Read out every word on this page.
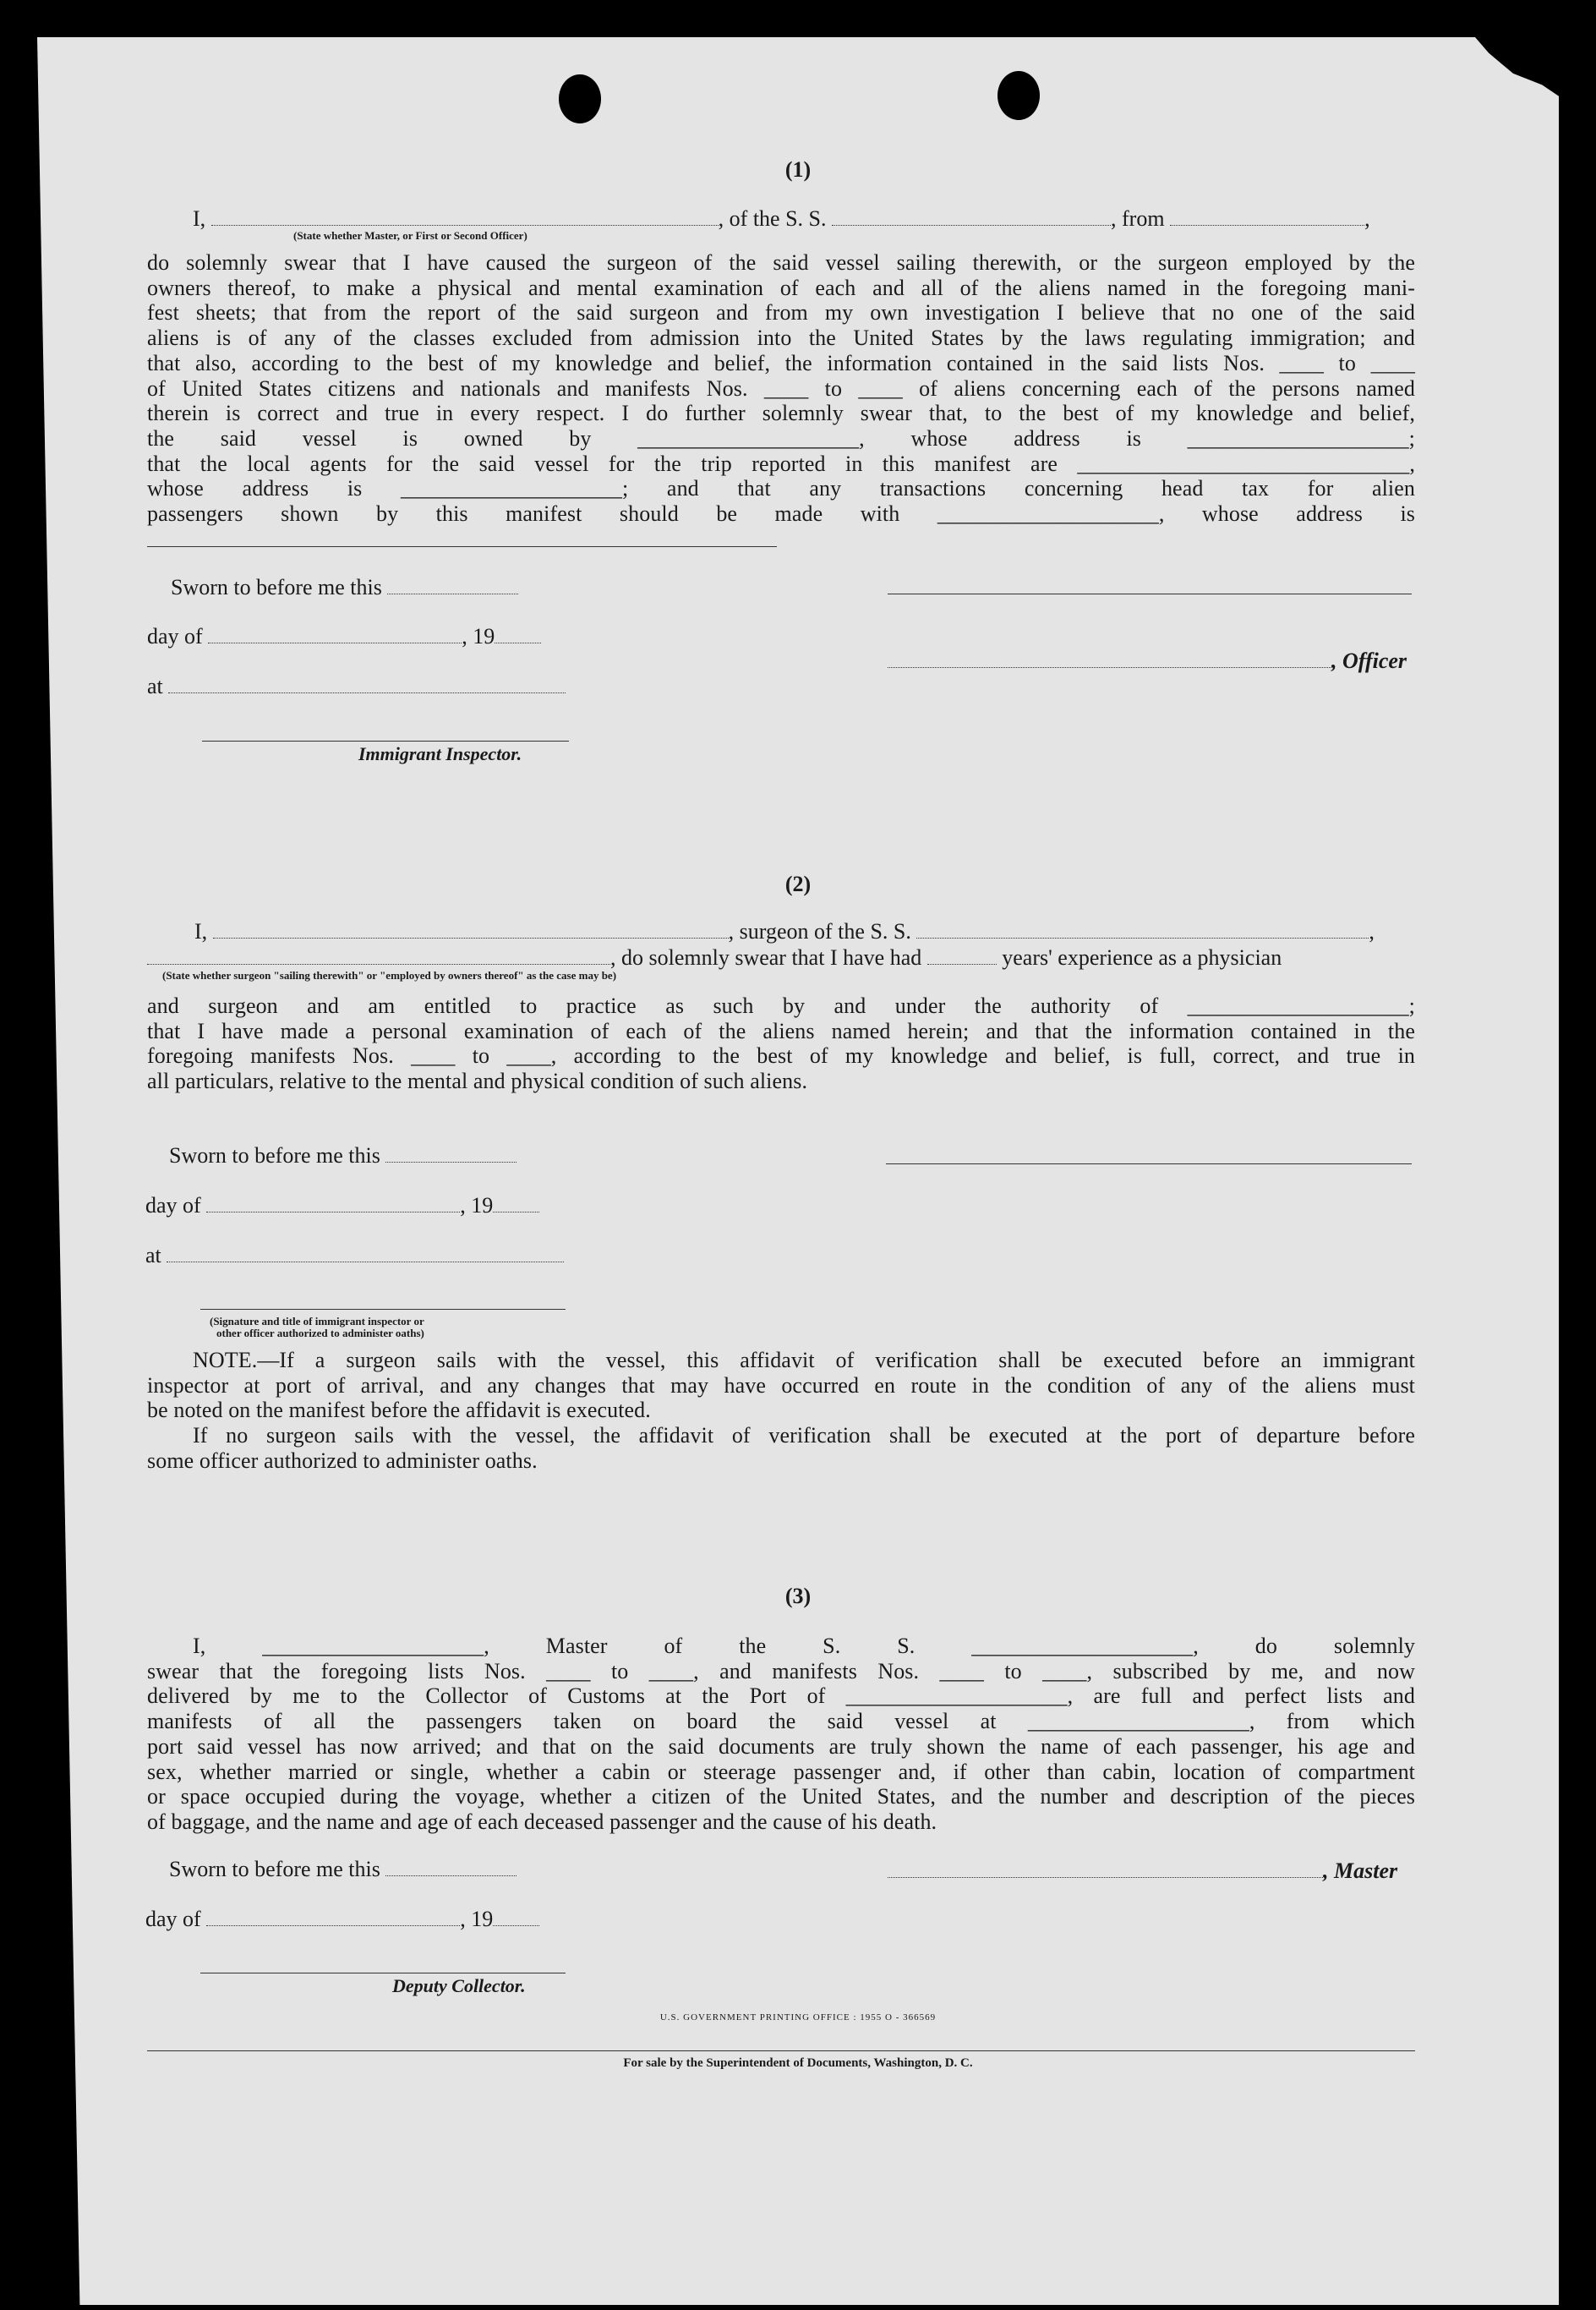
(1)
I,	, of the S. S.	, from	,
(State whether Master, or First or Second Officer)
do solemnly swear that I have caused the surgeon of the said vessel sailing therewith, or the surgeon employed by the
owners thereof, to make a physical and mental examination of each and all of the aliens named in the foregoing mani-
fest sheets; that from the report of the said surgeon and from my own investigation I believe that no one of the said
aliens is of any of the classes excluded from admission into the United States by the laws regulating immigration; and
that also, according to the best of my knowledge and belief, the information contained in the said lists Nos. ____ to ____
of United States citizens and nationals and manifests Nos. ____ to ____ of aliens concerning each of the persons named
therein is correct and true in every respect. I do further solemnly swear that, to the best of my knowledge and belief,
the said vessel is owned by ____________________, whose address is ____________________;
that the local agents for the said vessel for the trip reported in this manifest are ______________________________,
whose address is ____________________; and that any transactions concerning head tax for alien
passengers shown by this manifest should be made with ____________________, whose address is
Sworn to before me this
day of	, 19
, Officer
at
Immigrant Inspector.
(2)
I,	, surgeon of the S. S.	,
, do solemnly swear that I have had	years' experience as a physician
(State whether surgeon "sailing therewith" or "employed by owners thereof" as the case may be)
and surgeon and am entitled to practice as such by and under the authority of ____________________;
that I have made a personal examination of each of the aliens named herein; and that the information contained in the
foregoing manifests Nos. ____ to ____, according to the best of my knowledge and belief, is full, correct, and true in
all particulars, relative to the mental and physical condition of such aliens.
Sworn to before me this
day of	, 19
at
(Signature and title of immigrant inspector or
other officer authorized to administer oaths)
NOTE.—If a surgeon sails with the vessel, this affidavit of verification shall be executed before an immigrant
inspector at port of arrival, and any changes that may have occurred en route in the condition of any of the aliens must
be noted on the manifest before the affidavit is executed.
If no surgeon sails with the vessel, the affidavit of verification shall be executed at the port of departure before
some officer authorized to administer oaths.
(3)
I, ____________________, Master of the S. S. ____________________, do solemnly
swear that the foregoing lists Nos. ____ to ____, and manifests Nos. ____ to ____, subscribed by me, and now
delivered by me to the Collector of Customs at the Port of ____________________, are full and perfect lists and
manifests of all the passengers taken on board the said vessel at ____________________, from which
port said vessel has now arrived; and that on the said documents are truly shown the name of each passenger, his age and
sex, whether married or single, whether a cabin or steerage passenger and, if other than cabin, location of compartment
or space occupied during the voyage, whether a citizen of the United States, and the number and description of the pieces
of baggage, and the name and age of each deceased passenger and the cause of his death.
Sworn to before me this	, Master
day of	, 19
Deputy Collector.
U.S. GOVERNMENT PRINTING OFFICE : 1955 O - 366569
For sale by the Superintendent of Documents, Washington, D. C.
